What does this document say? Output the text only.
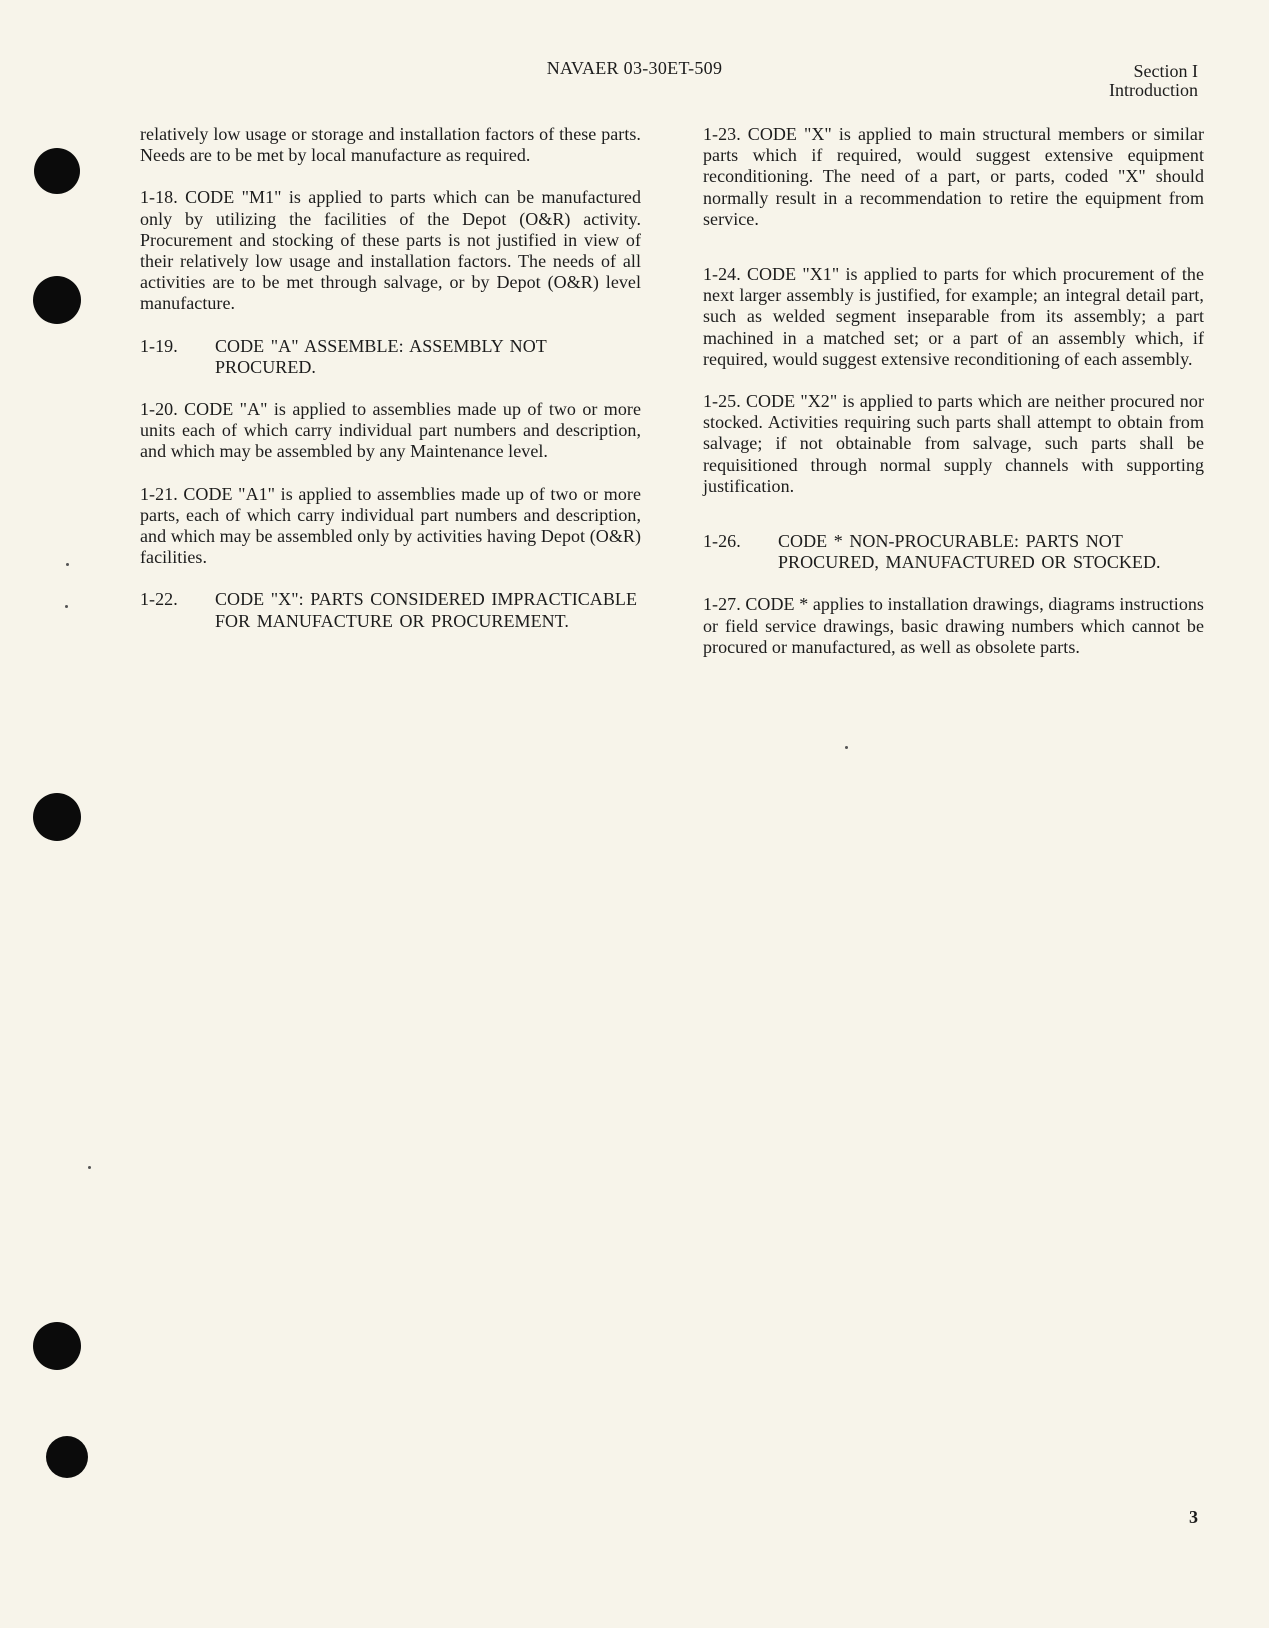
NAVAER 03-30ET-509	Section I
Introduction

relatively low usage or storage and installation factors of these parts. Needs are to be met by local manufacture as required.

1-18. CODE "M1" is applied to parts which can be manufactured only by utilizing the facilities of the Depot (O&R) activity. Procurement and stocking of these parts is not justified in view of their relatively low usage and installation factors. The needs of all activities are to be met through salvage, or by Depot (O&R) level manufacture.

1-19. CODE "A" ASSEMBLE: ASSEMBLY NOT PROCURED.

1-20. CODE "A" is applied to assemblies made up of two or more units each of which carry individual part numbers and description, and which may be assembled by any Maintenance level.

1-21. CODE "A1" is applied to assemblies made up of two or more parts, each of which carry individual part numbers and description, and which may be assembled only by activities having Depot (O&R) facilities.

1-22. CODE "X": PARTS CONSIDERED IMPRACTICABLE FOR MANUFACTURE OR PROCUREMENT.

1-23. CODE "X" is applied to main structural members or similar parts which if required, would suggest extensive equipment reconditioning. The need of a part, or parts, coded "X" should normally result in a recommendation to retire the equipment from service.

1-24. CODE "X1" is applied to parts for which procurement of the next larger assembly is justified, for example; an integral detail part, such as welded segment inseparable from its assembly; a part machined in a matched set; or a part of an assembly which, if required, would suggest extensive reconditioning of each assembly.

1-25. CODE "X2" is applied to parts which are neither procured nor stocked. Activities requiring such parts shall attempt to obtain from salvage; if not obtainable from salvage, such parts shall be requisitioned through normal supply channels with supporting justification.

1-26. CODE * NON-PROCURABLE: PARTS NOT PROCURED, MANUFACTURED OR STOCKED.

1-27. CODE * applies to installation drawings, diagrams instructions or field service drawings, basic drawing numbers which cannot be procured or manufactured, as well as obsolete parts.

3
